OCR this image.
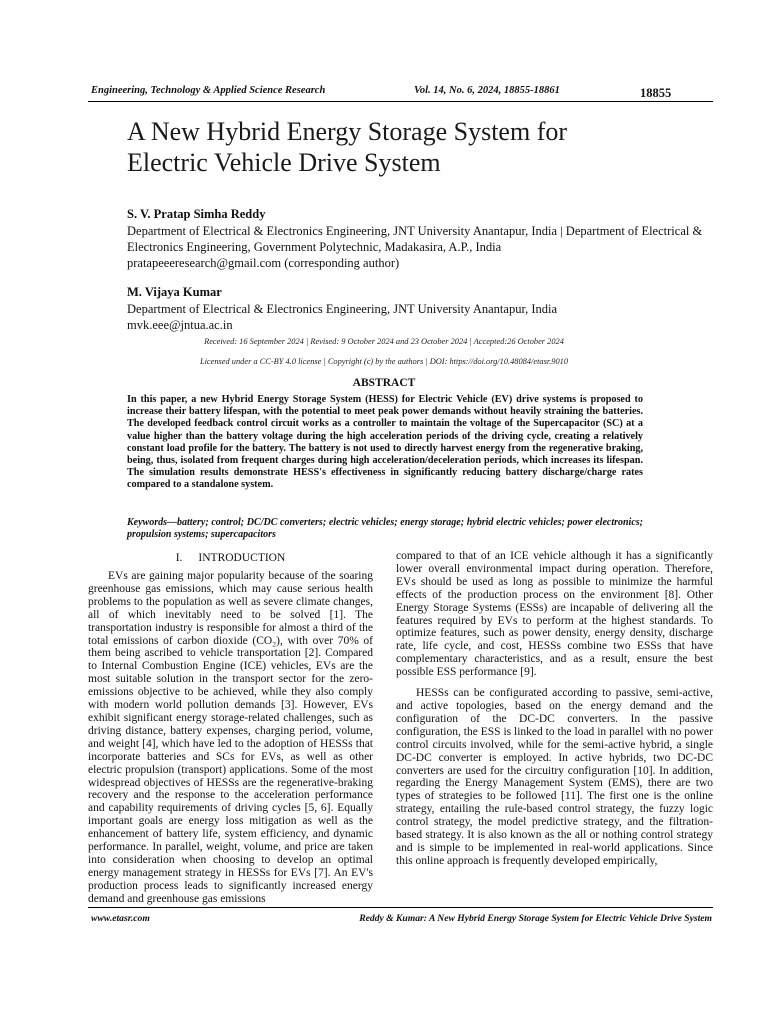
Engineering, Technology & Applied Science Research	Vol. 14, No. 6, 2024, 18855-18861	18855
A New Hybrid Energy Storage System for
Electric Vehicle Drive System
S. V. Pratap Simha Reddy
Department of Electrical & Electronics Engineering, JNT University Anantapur, India | Department of Electrical & Electronics Engineering, Government Polytechnic, Madakasira, A.P., India
pratapeeeresearch@gmail.com (corresponding author)
M. Vijaya Kumar
Department of Electrical & Electronics Engineering, JNT University Anantapur, India
mvk.eee@jntua.ac.in
Received: 16 September 2024 | Revised: 9 October 2024 and 23 October 2024 | Accepted:26 October 2024
Licensed under a CC-BY 4.0 license | Copyright (c) by the authors | DOI: https://doi.org/10.48084/etasr.9010
ABSTRACT
In this paper, a new Hybrid Energy Storage System (HESS) for Electric Vehicle (EV) drive systems is proposed to increase their battery lifespan, with the potential to meet peak power demands without heavily straining the batteries. The developed feedback control circuit works as a controller to maintain the voltage of the Supercapacitor (SC) at a value higher than the battery voltage during the high acceleration periods of the driving cycle, creating a relatively constant load profile for the battery. The battery is not used to directly harvest energy from the regenerative braking, being, thus, isolated from frequent charges during high acceleration/deceleration periods, which increases its lifespan. The simulation results demonstrate HESS's effectiveness in significantly reducing battery discharge/charge rates compared to a standalone system.
Keywords—battery; control; DC/DC converters; electric vehicles; energy storage; hybrid electric vehicles; power electronics; propulsion systems; supercapacitors
I. INTRODUCTION

EVs are gaining major popularity because of the soaring greenhouse gas emissions, which may cause serious health problems to the population as well as severe climate changes, all of which inevitably need to be solved [1]. The transportation industry is responsible for almost a third of the total emissions of carbon dioxide (CO₂), with over 70% of them being ascribed to vehicle transportation [2]. Compared to Internal Combustion Engine (ICE) vehicles, EVs are the most suitable solution in the transport sector for the zero-emissions objective to be achieved, while they also comply with modern world pollution demands [3]. However, EVs exhibit significant energy storage-related challenges, such as driving distance, battery expenses, charging period, volume, and weight [4], which have led to the adoption of HESSs that incorporate batteries and SCs for EVs, as well as other electric propulsion (transport) applications. Some of the most widespread objectives of HESSs are the regenerative-braking recovery and the response to the acceleration performance and capability requirements of driving cycles [5, 6]. Equally important goals are energy loss mitigation as well as the enhancement of battery life, system efficiency, and dynamic performance. In parallel, weight, volume, and price are taken into consideration when choosing to develop an optimal energy management strategy in HESSs for EVs [7]. An EV's production process leads to significantly increased energy demand and greenhouse gas emissions

compared to that of an ICE vehicle although it has a significantly lower overall environmental impact during operation. Therefore, EVs should be used as long as possible to minimize the harmful effects of the production process on the environment [8]. Other Energy Storage Systems (ESSs) are incapable of delivering all the features required by EVs to perform at the highest standards. To optimize features, such as power density, energy density, discharge rate, life cycle, and cost, HESSs combine two ESSs that have complementary characteristics, and as a result, ensure the best possible ESS performance [9].

HESSs can be configurated according to passive, semi-active, and active topologies, based on the energy demand and the configuration of the DC-DC converters. In the passive configuration, the ESS is linked to the load in parallel with no power control circuits involved, while for the semi-active hybrid, a single DC-DC converter is employed. In active hybrids, two DC-DC converters are used for the circuitry configuration [10]. In addition, regarding the Energy Management System (EMS), there are two types of strategies to be followed [11]. The first one is the online strategy, entailing the rule-based control strategy, the fuzzy logic control strategy, the model predictive strategy, and the filtration-based strategy. It is also known as the all or nothing control strategy and is simple to be implemented in real-world applications. Since this online approach is frequently developed empirically,

www.etasr.com	Reddy & Kumar: A New Hybrid Energy Storage System for Electric Vehicle Drive System
